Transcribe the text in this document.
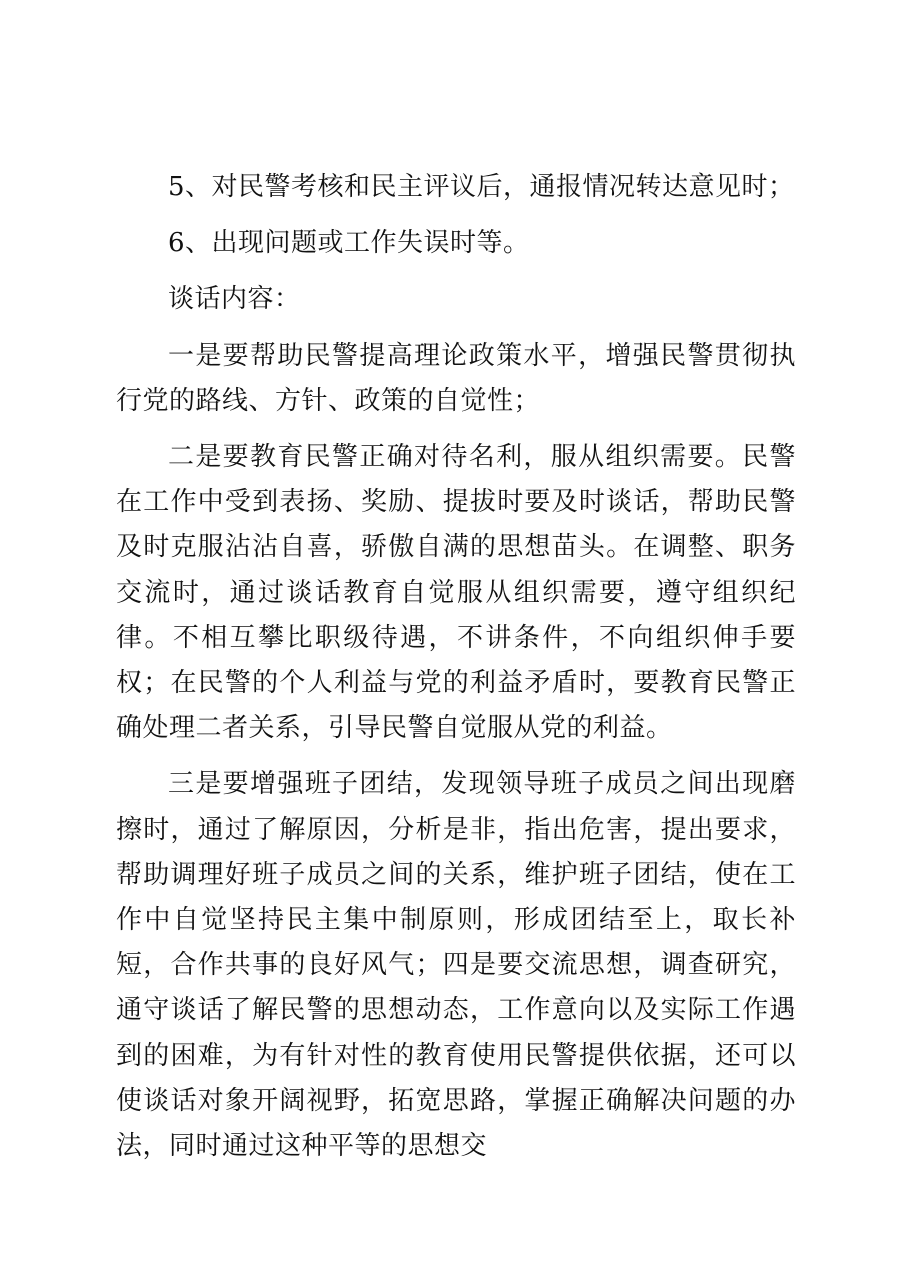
5、对民警考核和民主评议后，通报情况转达意见时；

6、出现问题或工作失误时等。

谈话内容：

一是要帮助民警提高理论政策水平，增强民警贯彻执行党的路线、方针、政策的自觉性；

二是要教育民警正确对待名利，服从组织需要。民警在工作中受到表扬、奖励、提拔时要及时谈话，帮助民警及时克服沾沾自喜，骄傲自满的思想苗头。在调整、职务交流时，通过谈话教育自觉服从组织需要，遵守组织纪律。不相互攀比职级待遇，不讲条件，不向组织伸手要权；在民警的个人利益与党的利益矛盾时，要教育民警正确处理二者关系，引导民警自觉服从党的利益。

三是要增强班子团结，发现领导班子成员之间出现磨擦时，通过了解原因，分析是非，指出危害，提出要求，帮助调理好班子成员之间的关系，维护班子团结，使在工作中自觉坚持民主集中制原则，形成团结至上，取长补短，合作共事的良好风气；四是要交流思想，调查研究，通守谈话了解民警的思想动态，工作意向以及实际工作遇到的困难，为有针对性的教育使用民警提供依据，还可以使谈话对象开阔视野，拓宽思路，掌握正确解决问题的办法，同时通过这种平等的思想交
